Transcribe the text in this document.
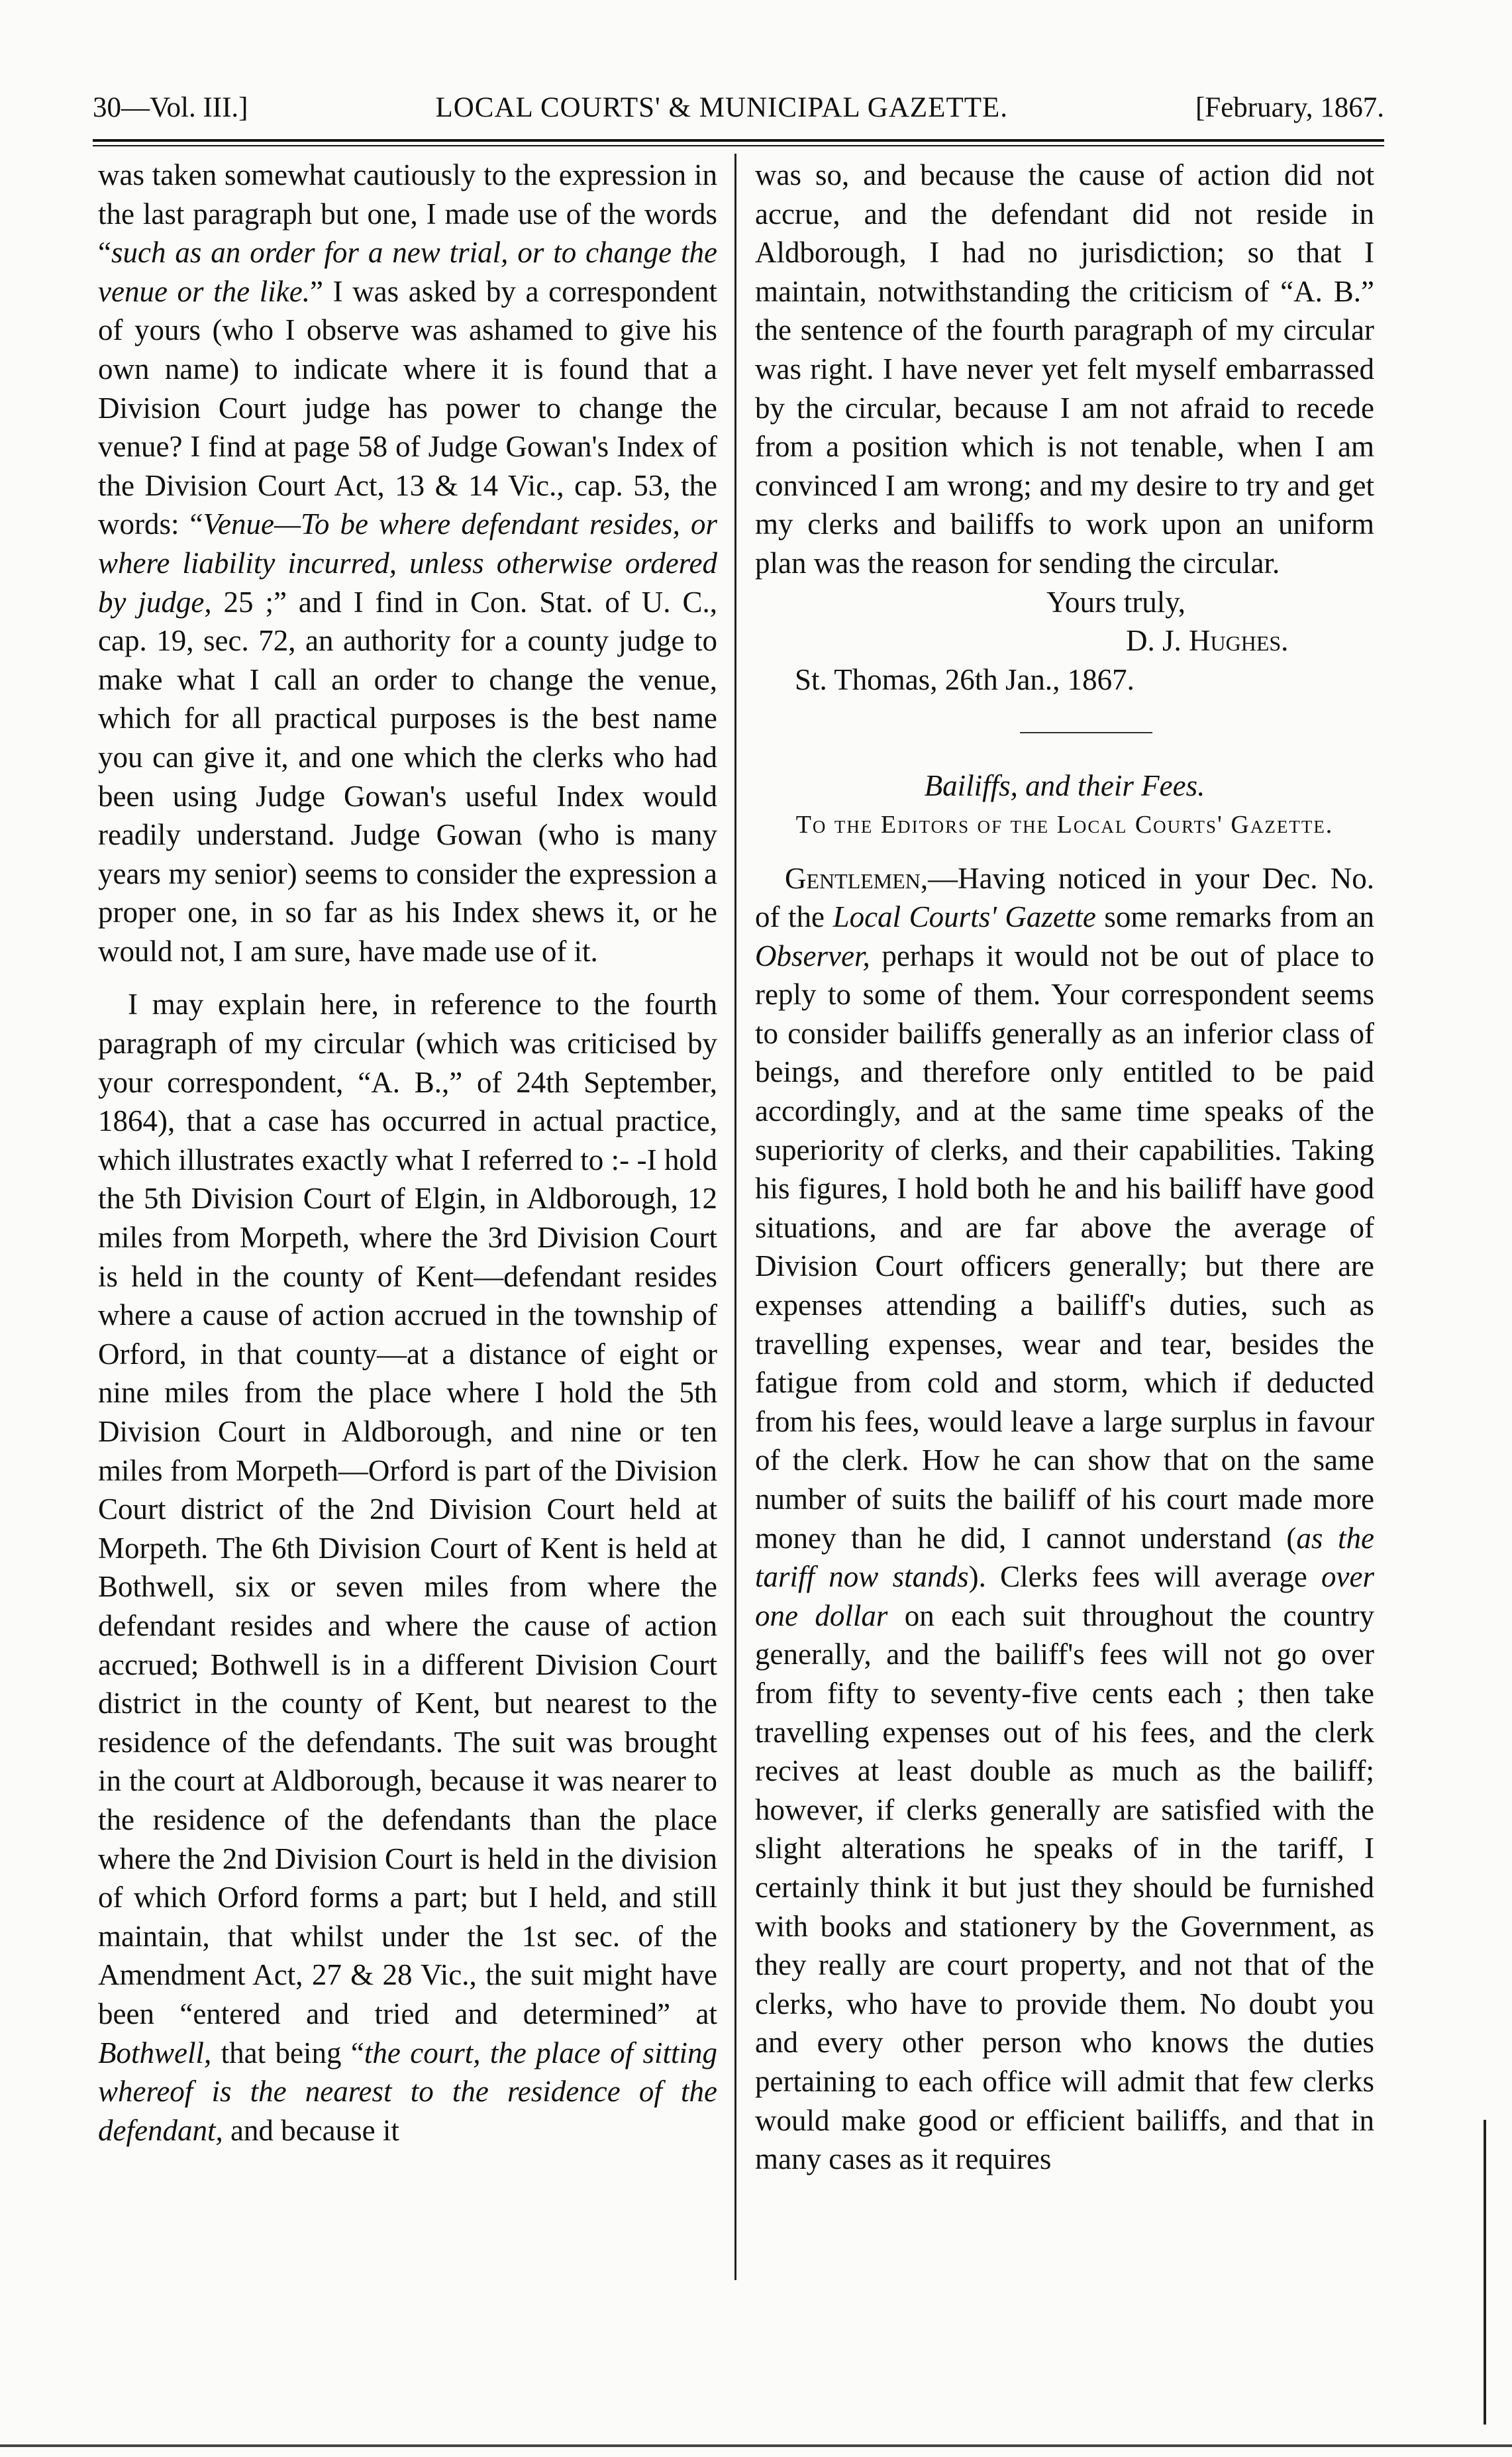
30—Vol. III.]	LOCAL COURTS' & MUNICIPAL GAZETTE.	[February, 1867.

was taken somewhat cautiously to the expression in the last paragraph but one, I made use of the words “such as an order for a new trial, or to change the venue or the like.” I was asked by a correspondent of yours (who I observe was ashamed to give his own name) to indicate where it is found that a Division Court judge has power to change the venue? I find at page 58 of Judge Gowan's Index of the Division Court Act, 13 & 14 Vic., cap. 53, the words: “Venue—To be where defendant resides, or where liability incurred, unless otherwise ordered by judge, 25 ;” and I find in Con. Stat. of U. C., cap. 19, sec. 72, an authority for a county judge to make what I call an order to change the venue, which for all practical purposes is the best name you can give it, and one which the clerks who had been using Judge Gowan's useful Index would readily understand. Judge Gowan (who is many years my senior) seems to consider the expression a proper one, in so far as his Index shews it, or he would not, I am sure, have made use of it.

I may explain here, in reference to the fourth paragraph of my circular (which was criticised by your correspondent, “A. B.,” of 24th September, 1864), that a case has occurred in actual practice, which illustrates exactly what I referred to :- -I hold the 5th Division Court of Elgin, in Aldborough, 12 miles from Morpeth, where the 3rd Division Court is held in the county of Kent—defendant resides where a cause of action accrued in the township of Orford, in that county—at a distance of eight or nine miles from the place where I hold the 5th Division Court in Aldborough, and nine or ten miles from Morpeth—Orford is part of the Division Court district of the 2nd Division Court held at Morpeth. The 6th Division Court of Kent is held at Bothwell, six or seven miles from where the defendant resides and where the cause of action accrued; Bothwell is in a different Division Court district in the county of Kent, but nearest to the residence of the defendants. The suit was brought in the court at Aldborough, because it was nearer to the residence of the defendants than the place where the 2nd Division Court is held in the division of which Orford forms a part; but I held, and still maintain, that whilst under the 1st sec. of the Amendment Act, 27 & 28 Vic., the suit might have been “entered and tried and determined” at Bothwell, that being “the court, the place of sitting whereof is the nearest to the residence of the defendant, and because it

was so, and because the cause of action did not accrue, and the defendant did not reside in Aldborough, I had no jurisdiction; so that I maintain, notwithstanding the criticism of “A. B.” the sentence of the fourth paragraph of my circular was right. I have never yet felt myself embarrassed by the circular, because I am not afraid to recede from a position which is not tenable, when I am convinced I am wrong; and my desire to try and get my clerks and bailiffs to work upon an uniform plan was the reason for sending the circular.

Yours truly,

D. J. Hughes.

St. Thomas, 26th Jan., 1867.

Bailiffs, and their Fees.

To the Editors of the Local Courts' Gazette.

Gentlemen,—Having noticed in your Dec. No. of the Local Courts' Gazette some remarks from an Observer, perhaps it would not be out of place to reply to some of them. Your correspondent seems to consider bailiffs generally as an inferior class of beings, and therefore only entitled to be paid accordingly, and at the same time speaks of the superiority of clerks, and their capabilities. Taking his figures, I hold both he and his bailiff have good situations, and are far above the average of Division Court officers generally; but there are expenses attending a bailiff's duties, such as travelling expenses, wear and tear, besides the fatigue from cold and storm, which if deducted from his fees, would leave a large surplus in favour of the clerk. How he can show that on the same number of suits the bailiff of his court made more money than he did, I cannot understand (as the tariff now stands). Clerks fees will average over one dollar on each suit throughout the country generally, and the bailiff's fees will not go over from fifty to seventy-five cents each ; then take travelling expenses out of his fees, and the clerk recives at least double as much as the bailiff; however, if clerks generally are satisfied with the slight alterations he speaks of in the tariff, I certainly think it but just they should be furnished with books and stationery by the Government, as they really are court property, and not that of the clerks, who have to provide them. No doubt you and every other person who knows the duties pertaining to each office will admit that few clerks would make good or efficient bailiffs, and that in many cases as it requires
